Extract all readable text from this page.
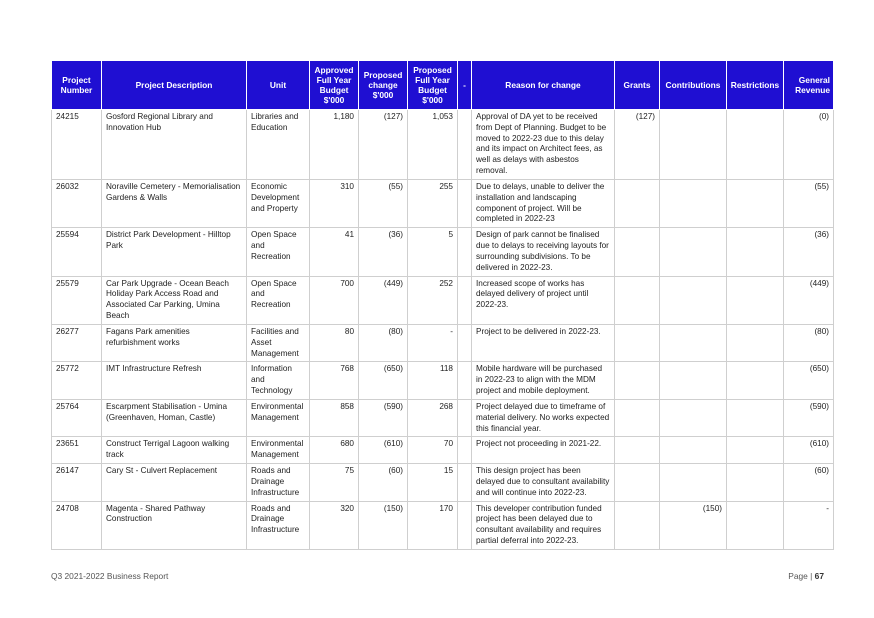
Project Number	Project Description	Unit	Approved Full Year Budget $'000	Proposed change $'000	Proposed Full Year Budget $'000	-	Reason for change	Grants	Contributions	Restrictions	General Revenue
24215	Gosford Regional Library and Innovation Hub	Libraries and Education	1,180	(127)	1,053		Approval of DA yet to be received from Dept of Planning. Budget to be moved to 2022-23 due to this delay and its impact on Architect fees, as well as delays with asbestos removal.	(127)			(0)
26032	Noraville Cemetery - Memorialisation Gardens & Walls	Economic Development and Property	310	(55)	255		Due to delays, unable to deliver the installation and landscaping component of project. Will be completed in 2022-23				(55)
25594	District Park Development - Hilltop Park	Open Space and Recreation	41	(36)	5		Design of park cannot be finalised due to delays to receiving layouts for surrounding subdivisions. To be delivered in 2022-23.				(36)
25579	Car Park Upgrade - Ocean Beach Holiday Park Access Road and Associated Car Parking, Umina Beach	Open Space and Recreation	700	(449)	252		Increased scope of works has delayed delivery of project until 2022-23.				(449)
26277	Fagans Park amenities refurbishment works	Facilities and Asset Management	80	(80)	-		Project to be delivered in 2022-23.				(80)
25772	IMT Infrastructure Refresh	Information and Technology	768	(650)	118		Mobile hardware will be purchased in 2022-23 to align with the MDM project and mobile deployment.				(650)
25764	Escarpment Stabilisation - Umina (Greenhaven, Homan, Castle)	Environmental Management	858	(590)	268		Project delayed due to timeframe of material delivery. No works expected this financial year.				(590)
23651	Construct Terrigal Lagoon walking track	Environmental Management	680	(610)	70		Project not proceeding in 2021-22.				(610)
26147	Cary St - Culvert Replacement	Roads and Drainage Infrastructure	75	(60)	15		This design project has been delayed due to consultant availability and will continue into 2022-23.				(60)
24708	Magenta - Shared Pathway Construction	Roads and Drainage Infrastructure	320	(150)	170		This developer contribution funded project has been delayed due to consultant availability and requires partial deferral into 2022-23.		(150)		-
Q3 2021-2022 Business Report	Page | 67
